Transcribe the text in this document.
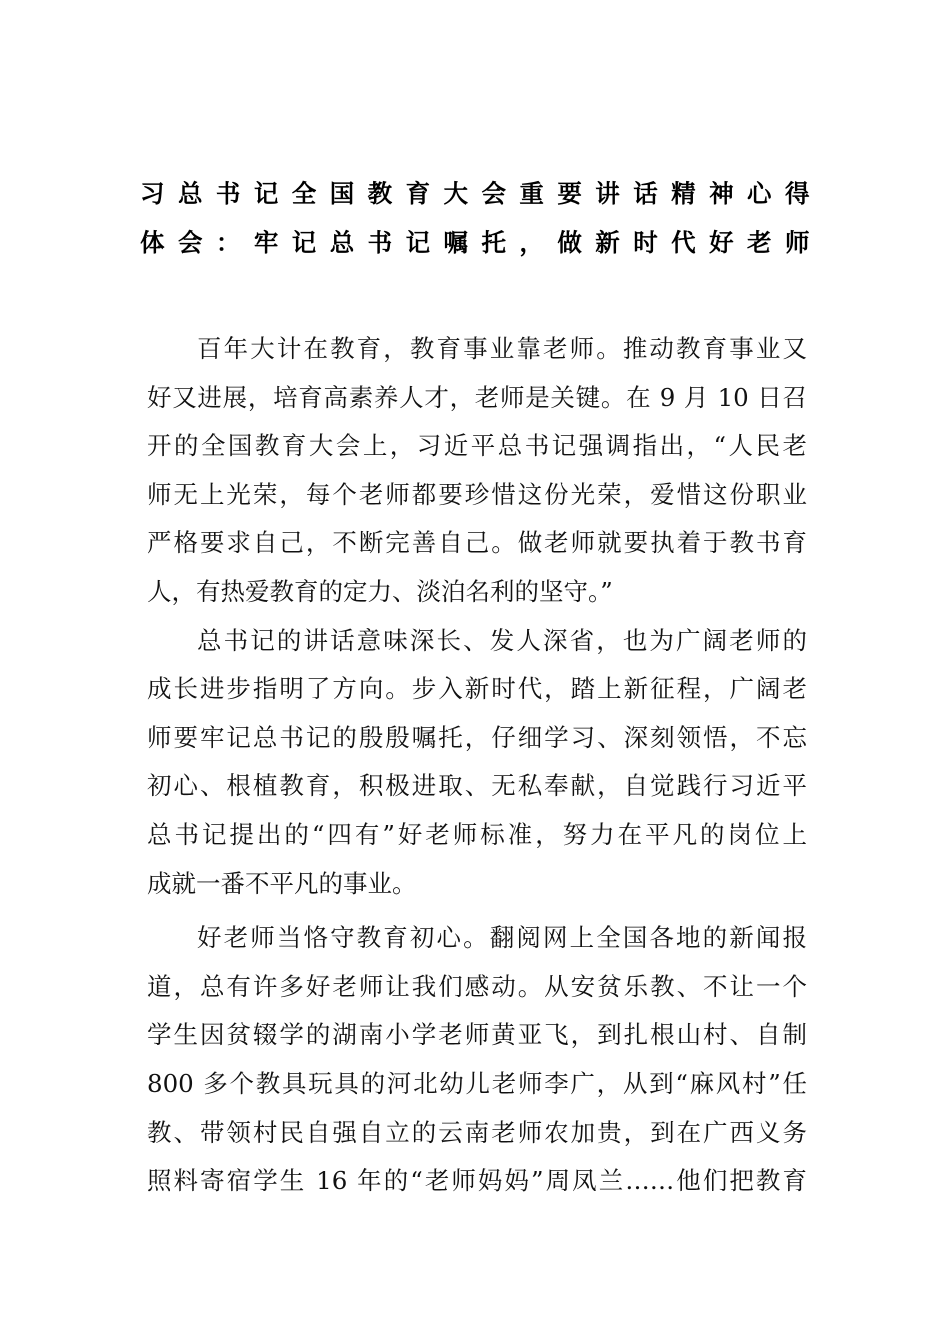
习总书记全国教育大会重要讲话精神心得
体会：牢记总书记嘱托，做新时代好老师
百年大计在教育，教育事业靠老师。推动教育事业又
好又进展，培育高素养人才，老师是关键。在 9 月 10 日召
开的全国教育大会上，习近平总书记强调指出，“人民老
师无上光荣，每个老师都要珍惜这份光荣，爱惜这份职业
严格要求自己，不断完善自己。做老师就要执着于教书育
人，有热爱教育的定力、淡泊名利的坚守。”
总书记的讲话意味深长、发人深省，也为广阔老师的
成长进步指明了方向。步入新时代，踏上新征程，广阔老
师要牢记总书记的殷殷嘱托，仔细学习、深刻领悟，不忘
初心、根植教育，积极进取、无私奉献，自觉践行习近平
总书记提出的“四有”好老师标准，努力在平凡的岗位上
成就一番不平凡的事业。
好老师当恪守教育初心。翻阅网上全国各地的新闻报
道，总有许多好老师让我们感动。从安贫乐教、不让一个
学生因贫辍学的湖南小学老师黄亚飞，到扎根山村、自制
800 多个教具玩具的河北幼儿老师李广，从到“麻风村”任
教、带领村民自强自立的云南老师农加贵，到在广西义务
照料寄宿学生 16 年的“老师妈妈”周凤兰……他们把教育
